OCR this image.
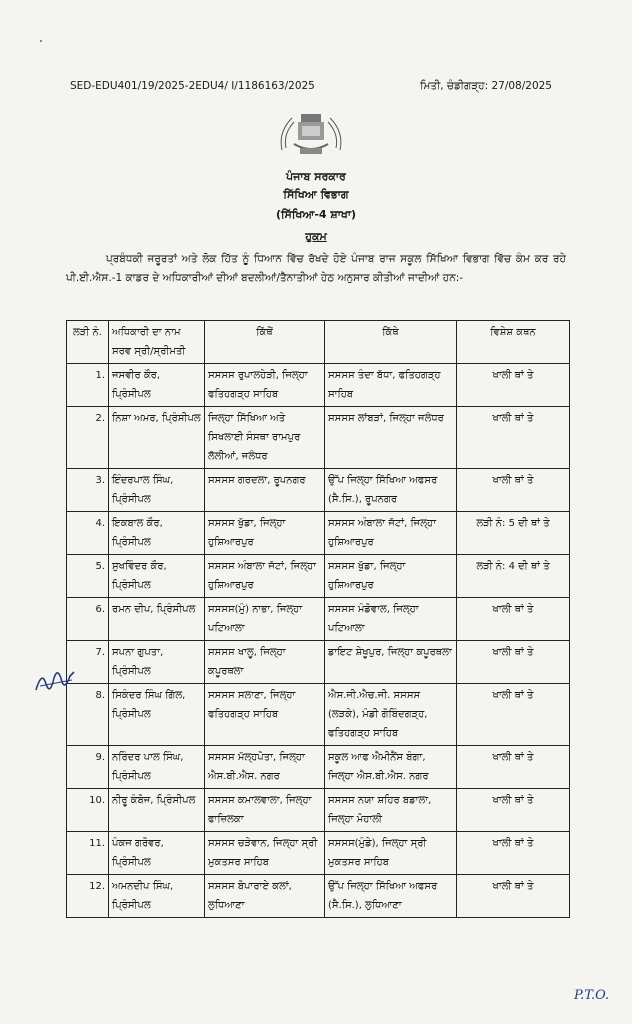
SED-EDU401/19/2025-2EDU4/ I/1186163/2025	ਮਿਤੀ, ਚੰਡੀਗੜ੍ਹ: 27/08/2025
ਪੰਜਾਬ ਸਰਕਾਰ
ਸਿੱਖਿਆ ਵਿਭਾਗ
(ਸਿੱਖਿਆ-4 ਸ਼ਾਖਾ)
ਹੁਕਮ
ਪ੍ਰਬੰਧਕੀ ਜਰੂਰਤਾਂ ਅਤੇ ਲੋਕ ਹਿੱਤ ਨੂੰ ਧਿਆਨ ਵਿੱਚ ਰੱਖਦੇ ਹੋਏ ਪੰਜਾਬ ਰਾਜ ਸਕੂਲ ਸਿੱਖਿਆ ਵਿਭਾਗ ਵਿੱਚ ਕੰਮ ਕਰ ਰਹੇ ਪੀ.ਈ.ਐਸ.-1 ਕਾਡਰ ਦੇ ਅਧਿਕਾਰੀਆਂ ਦੀਆਂ ਬਦਲੀਆਂ/ਤੈਨਾਤੀਆਂ ਹੇਠ ਅਨੁਸਾਰ ਕੀਤੀਆਂ ਜਾਦੀਆਂ ਹਨ:-
ਲੜੀ ਨੰ.	ਅਧਿਕਾਰੀ ਦਾ ਨਾਮ ਸਰਵ ਸ੍ਰੀ/ਸ੍ਰੀਮਤੀ	ਕਿੱਥੋਂ	ਕਿੱਥੇ	ਵਿਸ਼ੇਸ਼ ਕਥਨ
1.	ਜਸਵੀਰ ਕੌਰ, ਪ੍ਰਿੰਸੀਪਲ	ਸਸਸਸ ਰੁਪਾਲਹੇੜੀ, ਜਿਲ੍ਹਾ ਫਤਿਹਗੜ੍ਹ ਸਾਹਿਬ	ਸਸਸਸ ਤੰਦਾ ਬੱਧਾ, ਫਤਿਹਗੜ੍ਹ ਸਾਹਿਬ	ਖਾਲੀ ਥਾਂ ਤੇ
2.	ਨਿਸ਼ਾ ਅਮਰ, ਪ੍ਰਿੰਸੀਪਲ	ਜਿਲ੍ਹਾ ਸਿੱਖਿਆ ਅਤੇ ਸਿਖਲਾਈ ਸੰਸਥਾ ਰਾਮਪੁਰ ਲੱਲੀਆਂ, ਜਲੰਧਰ	ਸਸਸਸ ਲਾਂਬੜਾਂ, ਜਿਲ੍ਹਾ ਜਲੰਧਰ	ਖਾਲੀ ਥਾਂ ਤੇ
3.	ਇੰਦਰਪਾਲ ਸਿੰਘ, ਪ੍ਰਿੰਸੀਪਲ	ਸਸਸਸ ਗਰਦਲਾ, ਰੂਪਨਗਰ	ਉੱਪ ਜਿਲ੍ਹਾ ਸਿੱਖਿਆ ਅਫਸਰ (ਸੈ.ਸਿ.), ਰੂਪਨਗਰ	ਖਾਲੀ ਥਾਂ ਤੇ
4.	ਇਕਬਾਲ ਕੌਰ, ਪ੍ਰਿੰਸੀਪਲ	ਸਸਸਸ ਖੁੱਡਾ, ਜਿਲ੍ਹਾ ਹੁਸ਼ਿਆਰਪੁਰ	ਸਸਸਸ ਅੰਬਾਲਾ ਜੱਟਾਂ, ਜਿਲ੍ਹਾ ਹੁਸ਼ਿਆਰਪੁਰ	ਲੜੀ ਨੰ: 5 ਦੀ ਥਾਂ ਤੇ
5.	ਸੁਖਵਿੰਦਰ ਕੌਰ, ਪ੍ਰਿੰਸੀਪਲ	ਸਸਸਸ ਅੰਬਾਲਾ ਜੱਟਾਂ, ਜਿਲ੍ਹਾ ਹੁਸ਼ਿਆਰਪੁਰ	ਸਸਸਸ ਖੁੱਡਾ, ਜਿਲ੍ਹਾ ਹੁਸ਼ਿਆਰਪੁਰ	ਲੜੀ ਨੰ: 4 ਦੀ ਥਾਂ ਤੇ
6.	ਰਮਨ ਦੀਪ, ਪ੍ਰਿੰਸੀਪਲ	ਸਸਸਸ(ਮੁੰ) ਨਾਭਾ, ਜਿਲ੍ਹਾ ਪਟਿਆਲਾ	ਸਸਸਸ ਮੰਡੋਵਾਲ, ਜਿਲ੍ਹਾ ਪਟਿਆਲਾ	ਖਾਲੀ ਥਾਂ ਤੇ
7.	ਸਪਨਾ ਗੁਪਤਾ, ਪ੍ਰਿੰਸੀਪਲ	ਸਸਸਸ ਖਾਲੂ, ਜਿਲ੍ਹਾ ਕਪੂਰਥਲਾ	ਡਾਇਟ ਸ਼ੇਖੂਪੁਰ, ਜਿਲ੍ਹਾ ਕਪੂਰਥਲਾ	ਖਾਲੀ ਥਾਂ ਤੇ
8.	ਸਿਕੰਦਰ ਸਿੰਘ ਗਿੱਲ, ਪ੍ਰਿੰਸੀਪਲ	ਸਸਸਸ ਸਲਾਣਾ, ਜਿਲ੍ਹਾ ਫਤਿਹਗੜ੍ਹ ਸਾਹਿਬ	ਐਸ.ਜੀ.ਐਚ.ਜੀ. ਸਸਸਸ (ਲੜਕੇ), ਮੰਡੀ ਗੋਬਿੰਦਗੜ੍ਹ, ਫਤਿਹਗੜ੍ਹ ਸਾਹਿਬ	ਖਾਲੀ ਥਾਂ ਤੇ
9.	ਨਰਿੰਦਰ ਪਾਲ ਸਿੰਘ, ਪ੍ਰਿੰਸੀਪਲ	ਸਸਸਸ ਮੱਲ੍ਹਪੋਤਾ, ਜਿਲ੍ਹਾ ਐਸ.ਬੀ.ਐਸ. ਨਗਰ	ਸਕੂਲ ਆਫ ਐਮੀਨੈਂਸ ਬੰਗਾ, ਜਿਲ੍ਹਾ ਐਸ.ਬੀ.ਐਸ. ਨਗਰ	ਖਾਲੀ ਥਾਂ ਤੇ
10.	ਨੀਰੂ ਕੰਬੋਜ, ਪ੍ਰਿੰਸੀਪਲ	ਸਸਸਸ ਕਮਾਲਵਾਲਾ, ਜਿਲ੍ਹਾ ਫਾਜ਼ਿਲਕਾ	ਸਸਸਸ ਨਯਾ ਸ਼ਹਿਰ ਬਡਾਲਾ, ਜਿਲ੍ਹਾ ਮੋਹਾਲੀ	ਖਾਲੀ ਥਾਂ ਤੇ
11.	ਪੰਕਜ ਗਰੋਵਰ, ਪ੍ਰਿੰਸੀਪਲ	ਸਸਸਸ ਚੜੇਵਾਨ, ਜਿਲ੍ਹਾ ਸ੍ਰੀ ਮੁਕਤਸਰ ਸਾਹਿਬ	ਸਸਸਸ(ਮੁੰਡੇ), ਜਿਲ੍ਹਾ ਸ੍ਰੀ ਮੁਕਤਸਰ ਸਾਹਿਬ	ਖਾਲੀ ਥਾਂ ਤੇ
12.	ਅਮਨਦੀਪ ਸਿੰਘ, ਪ੍ਰਿੰਸੀਪਲ	ਸਸਸਸ ਬੋਪਾਰਾਏ ਕਲਾਂ, ਲੁਧਿਆਣਾ	ਉੱਪ ਜਿਲ੍ਹਾ ਸਿੱਖਿਆ ਅਫਸਰ (ਸੈ.ਸਿ.), ਲੁਧਿਆਣਾ	ਖਾਲੀ ਥਾਂ ਤੇ
P.T.O.
